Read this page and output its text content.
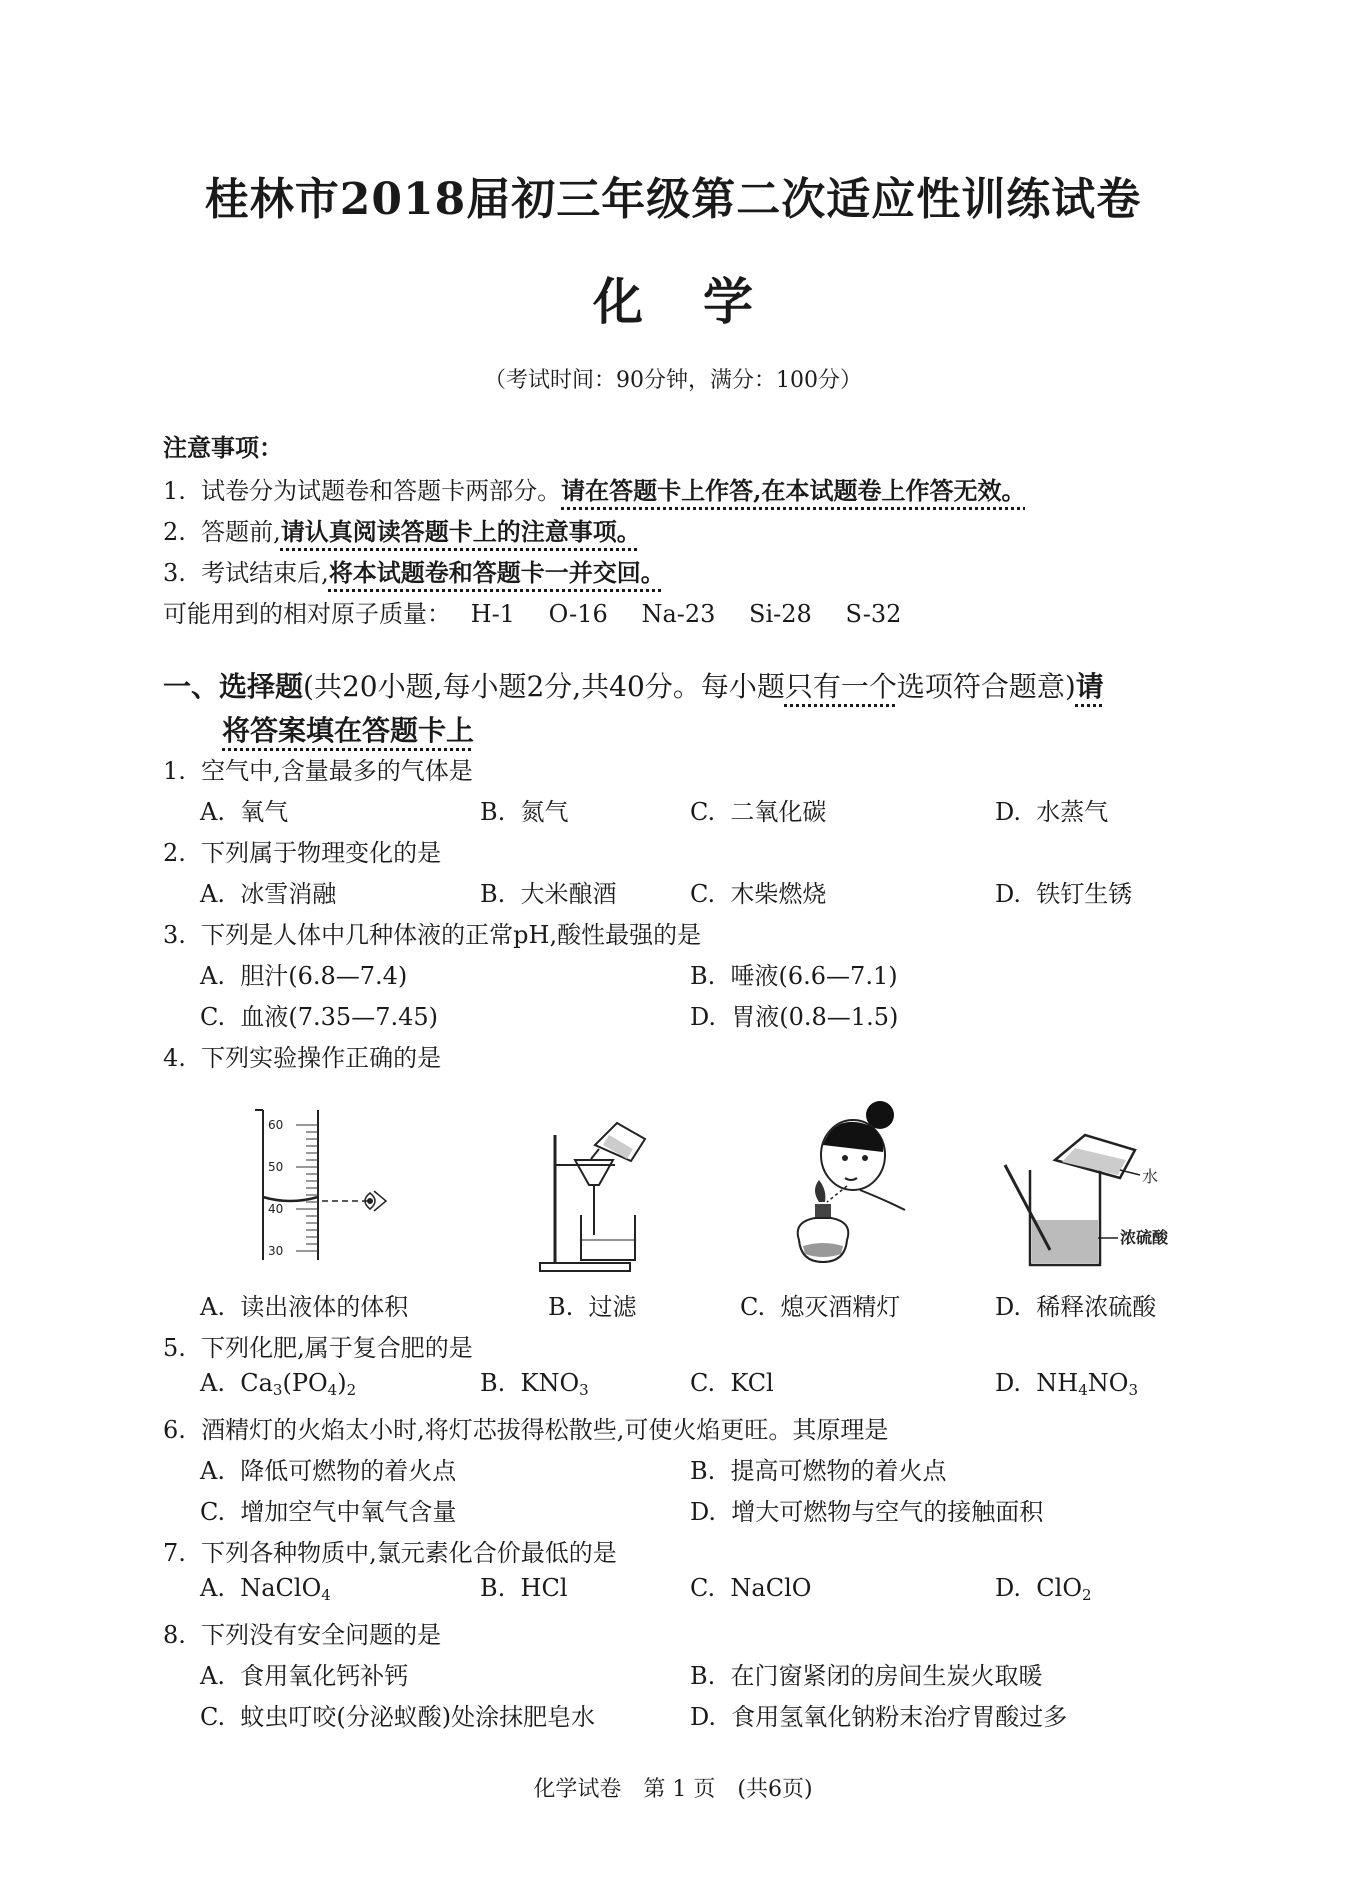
桂林市2018届初三年级第二次适应性训练试卷
化学
（考试时间：90分钟，满分：100分）
注意事项：
1. 试卷分为试题卷和答题卡两部分。请在答题卡上作答,在本试题卷上作答无效。
2. 答题前,请认真阅读答题卡上的注意事项。
3. 考试结束后,将本试题卷和答题卡一并交回。
可能用到的相对原子质量： H-1 O-16 Na-23 Si-28 S-32
一、选择题(共20小题,每小题2分,共40分。每小题只有一个选项符合题意)请
将答案填在答题卡上
1. 空气中,含量最多的气体是
A. 氧气	B. 氮气	C. 二氧化碳	D. 水蒸气
2. 下列属于物理变化的是
A. 冰雪消融	B. 大米酿酒	C. 木柴燃烧	D. 铁钉生锈
3. 下列是人体中几种体液的正常pH,酸性最强的是
A. 胆汁(6.8—7.4)	B. 唾液(6.6—7.1)
C. 血液(7.35—7.45)	D. 胃液(0.8—1.5)
4. 下列实验操作正确的是
60
50
40
30
水
浓硫酸
A. 读出液体的体积	B. 过滤	C. 熄灭酒精灯	D. 稀释浓硫酸
5. 下列化肥,属于复合肥的是
A. $Ca_3(PO_4)_2$	B. $KNO_3$	C. KCl	D. $NH_4NO_3$
6. 酒精灯的火焰太小时,将灯芯拔得松散些,可使火焰更旺。其原理是
A. 降低可燃物的着火点	B. 提高可燃物的着火点
C. 增加空气中氧气含量	D. 增大可燃物与空气的接触面积
7. 下列各种物质中,氯元素化合价最低的是
A. NaClO$_4$	B. HCl	C. NaClO	D. ClO$_2$
8. 下列没有安全问题的是
A. 食用氧化钙补钙	B. 在门窗紧闭的房间生炭火取暖
C. 蚊虫叮咬(分泌蚁酸)处涂抹肥皂水	D. 食用氢氧化钠粉末治疗胃酸过多
化学试卷　第 1 页　(共6页)
